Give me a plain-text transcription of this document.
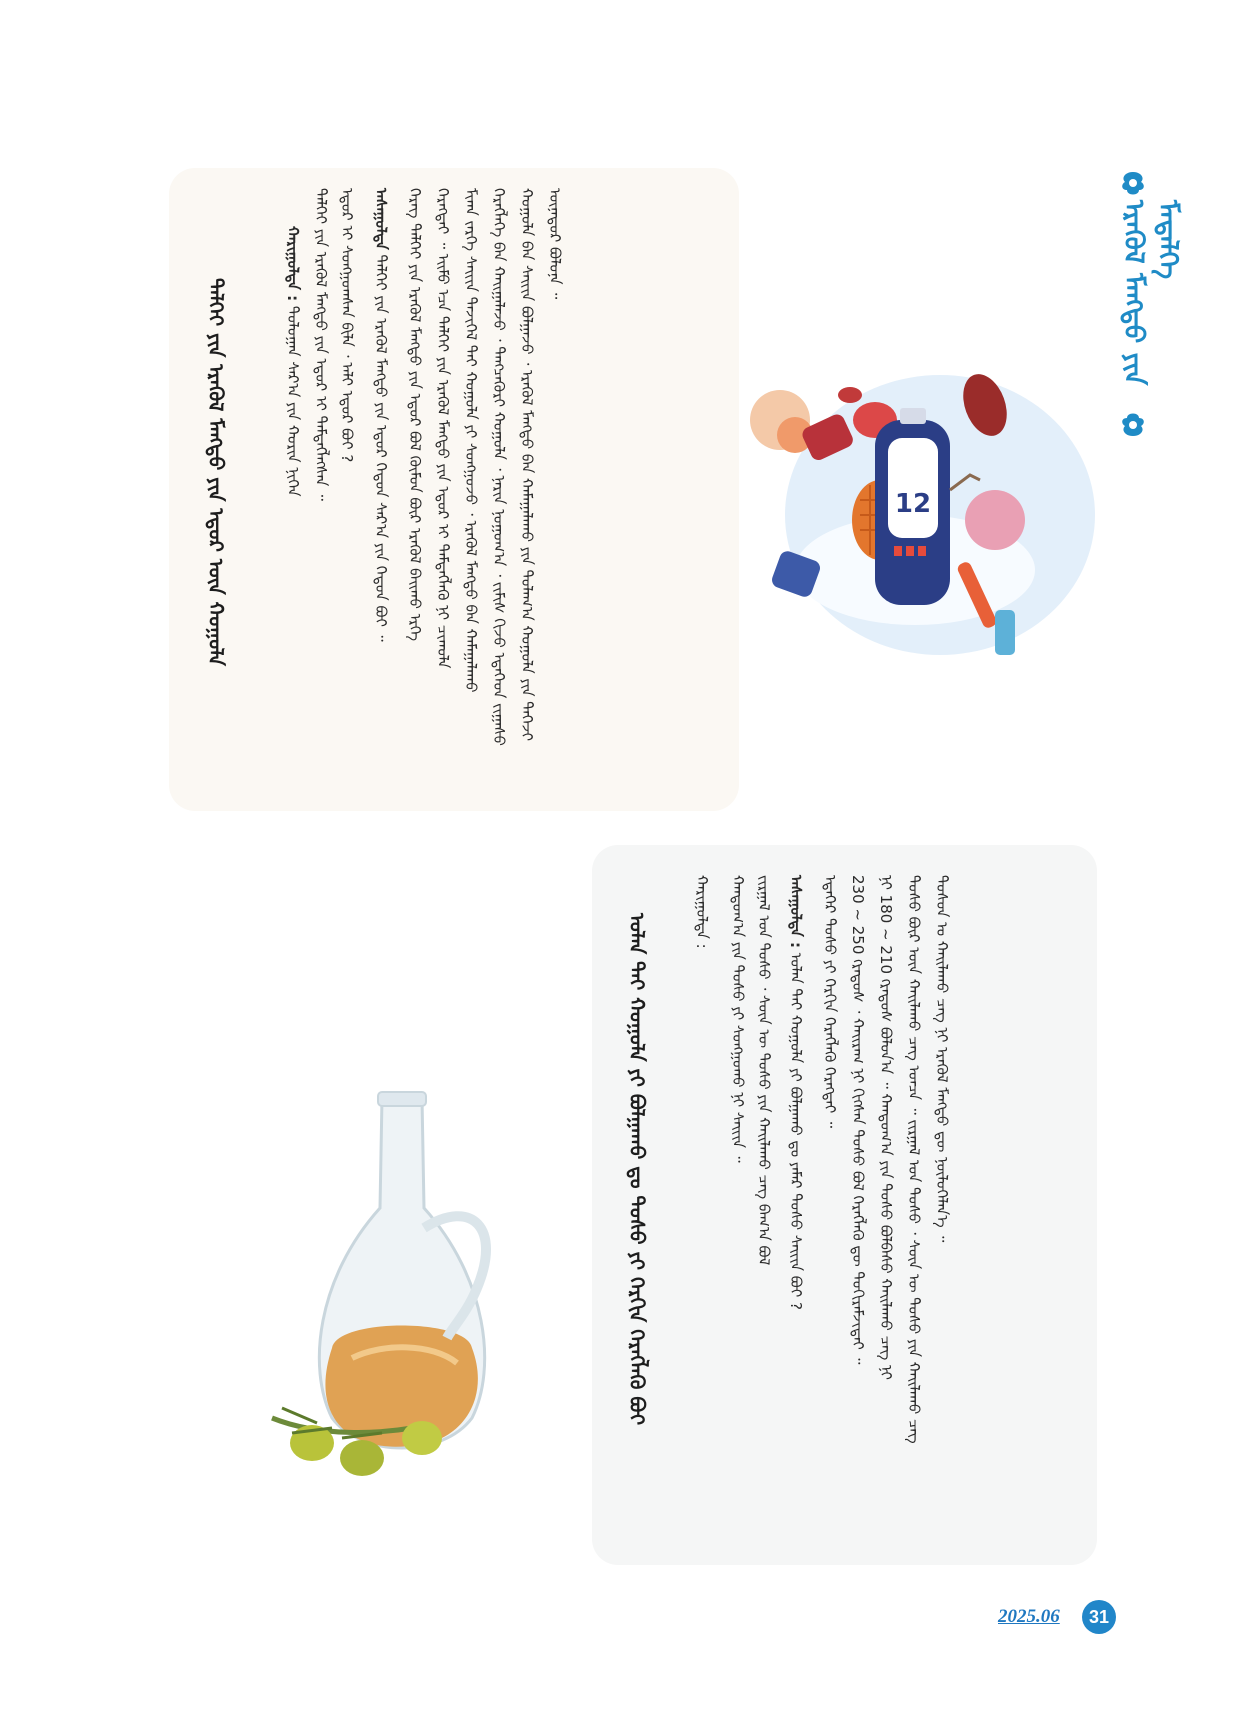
ᠡᠷᠡᠭᠦᠯ ᠮᠡᠩᠳᠦ ᠶᠢᠨ ᠮᠡᠳᠡᠯᠭᠡ
12
ᠳᠡᠯᠬᠡᠢ ᠶᠢᠨ ᠡᠷᠡᠭᠦᠯ ᠮᠡᠩᠳᠦ ᠶᠢᠨ ᠡᠳᠦᠷ ᠦᠨ ᠬᠣᠭᠣᠯᠠ
ᠬᠠᠷᠢᠭᠤᠯᠲᠠ : ᠳᠣᠯᠣᠭᠠᠨ ᠰᠠᠷ᠎ᠠ ᠶᠢᠨ ᠬᠣᠷᠢᠨ ᠨᠢᠭᠡᠨ ᠳᠡᠯᠬᠡᠢ ᠶᠢᠨ ᠡᠷᠡᠭᠦᠯ ᠮᠡᠩᠳᠦ ᠶᠢᠨ ᠡᠳᠦᠷ ᠢ ᠲᠡᠮᠳᠡᠭᠯᠡᠭᠰᠡᠨ ᠃ ᠡᠳᠦᠷ ᠢ ᠰᠣᠩᠭᠣᠭᠰᠠᠨ ᠪᠢᠯᠡ ᠂ ᠠᠯᠢ ᠡᠳᠦᠷ ᠪᠣᠢ ? ᠠᠰᠠᠭᠤᠯᠲᠠ ᠳᠡᠯᠬᠡᠢ ᠶᠢᠨ ᠡᠷᠡᠭᠦᠯ ᠮᠡᠩᠳᠦ ᠶᠢᠨ ᠡᠳᠦᠷ ᠬᠡᠳᠦᠨ ᠰᠠᠷ᠎ᠠ ᠶᠢᠨ ᠬᠡᠳᠦᠨ ᠪᠣᠢ ᠃ ᠬᠡᠷᠡᠭ ᠳᠡᠯᠬᠡᠢ ᠶᠢᠨ ᠡᠷᠡᠭᠦᠯ ᠮᠡᠩᠳᠦ ᠶᠢᠨ ᠡᠳᠦᠷ ᠪᠣᠯ ᠬᠦᠮᠦᠨ ᠪᠦᠷ ᠡᠷᠡᠭᠦᠯ ᠪᠠᠢᠬᠤ ᠡᠷᠬᠡ ᠬᠡᠷᠡᠭᠲᠡᠢ ᠃ ᠡᠢᠮᠦ ᠡᠴᠡ ᠳᠡᠯᠬᠡᠢ ᠶᠢᠨ ᠡᠷᠡᠭᠦᠯ ᠮᠡᠩᠳᠦ ᠶᠢᠨ ᠡᠳᠦᠷ ᠢ ᠲᠡᠮᠳᠡᠭᠯᠡᠬᠦ ᠨᠢ ᠴᠢᠬᠤᠯᠠ ᠮᠢᠬᠠ ᠵᠡᠷᠭᠡ ᠰᠠᠢᠢᠨ ᠲᠡᠵᠢᠭᠡᠯ ᠲᠡᠢ ᠬᠣᠭᠣᠯᠠ ᠶᠢ ᠰᠣᠩᠭᠣᠵᠤ ᠂ ᠡᠷᠡᠭᠦᠯ ᠮᠡᠩᠳᠦ ᠪᠡᠨ ᠬᠠᠮᠠᠭᠠᠯᠠᠬᠤ ᠬᠡᠷᠡᠭᠯᠡᠭᠡ ᠪᠡᠨ ᠬᠠᠢᠭᠠᠯᠠᠵᠤ ᠂ ᠲᠡᠩᠴᠡᠭᠦᠷᠢ ᠬᠣᠭᠣᠯᠠ ᠂ ᠨᠠᠷᠢᠨ ᠨᠣᠭᠣᠭ᠎ᠠ ᠂ ᠵᠢᠮᠢᠰ ᠬᠢᠵᠤ ᠡᠳᠡᠭᠡᠳ ᠵᠢᠭᠠᠰᠤ ᠬᠣᠭᠣᠯᠠ ᠪᠡᠨ ᠰᠠᠢᠢᠨ ᠪᠣᠯᠭᠠᠵᠤ ᠂ ᠡᠷᠡᠭᠦᠯ ᠮᠡᠩᠳᠦ ᠪᠡᠨ ᠬᠠᠮᠠᠭᠠᠯᠠᠬᠤ ᠶᠢᠨ ᠲᠤᠯᠠᠭ᠎ᠠ ᠬᠣᠭᠣᠯᠠ ᠶᠢᠨ ᠳᠡᠭᠡᠵᠢ ᠦᠨᠡᠳᠦᠷ ᠪᠣᠯᠤᠨᠠ ᠃
ᠣᠯᠠᠨ ᠲᠡᠢ ᠬᠣᠭᠣᠯᠠ ᠶᠢ ᠪᠣᠯᠭᠠᠬᠤ ᠳᠤ ᠲᠣᠰᠣ ᠶᠢ ᠬᠡᠷᠬᠢᠨ ᠬᠡᠷᠡᠭᠯᠡᠬᠦ ᠪᠣᠢ
ᠬᠠᠷᠢᠭᠤᠯᠲᠠ : ᠬᠠᠨᠳᠤᠭ᠎ᠠ ᠶᠢᠨ ᠲᠣᠰᠣ ᠶᠢ ᠰᠣᠩᠭᠣᠬᠤ ᠨᠢ ᠰᠠᠢᠢᠨ ᠃ ᠵᠢᠷᠭᠠᠯ ᠤᠨ ᠲᠣᠰᠣ ᠂ ᠰᠦᠨ ᠦ ᠲᠣᠰᠣ ᠶᠢᠨ ᠬᠠᠢᠯᠠᠬᠤ ᠴᠡᠭ ᠪᠠᠭ᠎ᠠ ᠪᠣᠯ ᠠᠰᠠᠭᠤᠯᠲᠠ : ᠣᠯᠠᠨ ᠲᠡᠢ ᠬᠣᠭᠣᠯᠠ ᠶᠢ ᠪᠣᠯᠭᠠᠬᠤ ᠳᠤ ᠶᠠᠮᠠᠷ ᠲᠣᠰᠣ ᠰᠠᠢᠢᠨ ᠪᠣᠢ ? ᠡᠳᠡᠭᠡᠷ ᠲᠣᠰᠣ ᠶᠢ ᠬᠡᠷᠬᠢᠨ ᠬᠡᠷᠡᠭᠯᠡᠬᠦ ᠬᠡᠷᠡᠭᠲᠡᠢ ᠃ 230 ~ 250 ᠭᠷᠠᠳᠦᠰ ᠂ ᠬᠠᠢᠷᠠᠭ ᠨᠢ ᠬᠢᠭᠰᠡᠨ ᠲᠣᠰᠣ ᠪᠣᠯ ᠬᠡᠷᠡᠭᠯᠡᠬᠦ ᠳᠦ ᠲᠣᠬᠢᠷᠠᠮᠵᠢᠲᠠᠢ ᠃ ᠨᠢ 180 ~ 210 ᠭᠷᠠᠳᠦᠰ ᠪᠣᠯᠤᠨ᠎ᠠ ᠃ ᠬᠠᠨᠳᠤᠭ᠎ᠠ ᠶᠢᠨ ᠲᠣᠰᠣ ᠪᠣᠯᠪᠠᠰᠤ ᠬᠠᠢᠯᠠᠬᠤ ᠴᠡᠭ ᠨᠢ ᠲᠣᠰᠣ ᠪᠦᠷ ᠦᠨ ᠬᠠᠢᠯᠠᠬᠤ ᠴᠡᠭ ᠣᠨᠴᠠ ᠃ ᠵᠢᠷᠭᠠᠯ ᠤᠨ ᠲᠣᠰᠣ ᠂ ᠰᠦᠨ ᠦ ᠲᠣᠰᠣ ᠶᠢᠨ ᠬᠠᠢᠯᠠᠬᠤ ᠴᠡᠭ ᠲᠣᠰᠣᠨ ᠤ ᠬᠠᠢᠯᠠᠬᠤ ᠴᠡᠭ ᠨᠢ ᠡᠷᠡᠭᠦᠯ ᠮᠡᠩᠳᠦ ᠳᠦ ᠨᠥᠯᠦᠭᠡᠯᠡᠨ᠎ᠡ ᠃
2025.06	31
